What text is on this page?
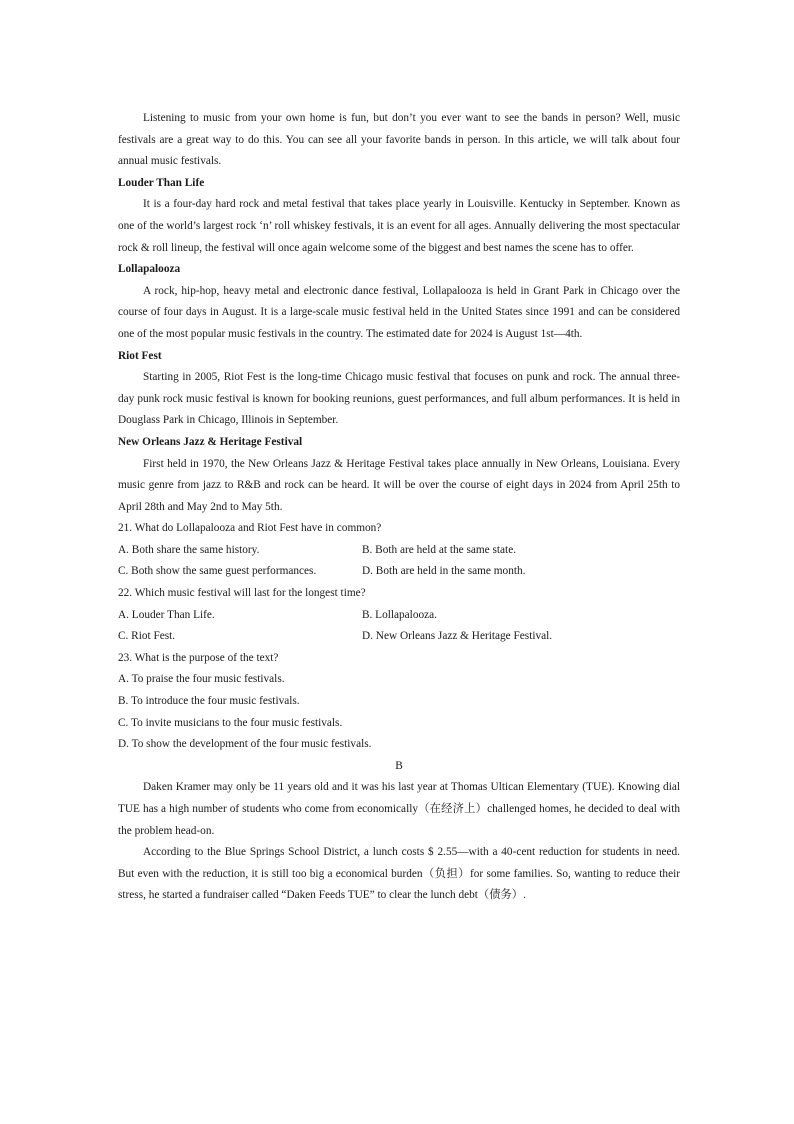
Listening to music from your own home is fun, but don’t you ever want to see the bands in person? Well, music festivals are a great way to do this. You can see all your favorite bands in person. In this article, we will talk about four annual music festivals.

Louder Than Life

It is a four-day hard rock and metal festival that takes place yearly in Louisville. Kentucky in September. Known as one of the world’s largest rock ‘n’ roll whiskey festivals, it is an event for all ages. Annually delivering the most spectacular rock & roll lineup, the festival will once again welcome some of the biggest and best names the scene has to offer.

Lollapalooza

A rock, hip-hop, heavy metal and electronic dance festival, Lollapalooza is held in Grant Park in Chicago over the course of four days in August. It is a large-scale music festival held in the United States since 1991 and can be considered one of the most popular music festivals in the country. The estimated date for 2024 is August 1st—4th.

Riot Fest

Starting in 2005, Riot Fest is the long-time Chicago music festival that focuses on punk and rock. The annual three-day punk rock music festival is known for booking reunions, guest performances, and full album performances. It is held in Douglass Park in Chicago, Illinois in September.

New Orleans Jazz & Heritage Festival

First held in 1970, the New Orleans Jazz & Heritage Festival takes place annually in New Orleans, Louisiana. Every music genre from jazz to R&B and rock can be heard. It will be over the course of eight days in 2024 from April 25th to April 28th and May 2nd to May 5th.

21. What do Lollapalooza and Riot Fest have in common?

A. Both share the same history.	B. Both are held at the same state.
C. Both show the same guest performances.	D. Both are held in the same month.

22. Which music festival will last for the longest time?

A. Louder Than Life.	B. Lollapalooza.
C. Riot Fest.	D. New Orleans Jazz & Heritage Festival.

23. What is the purpose of the text?

A. To praise the four music festivals.

B. To introduce the four music festivals.

C. To invite musicians to the four music festivals.

D. To show the development of the four music festivals.

B

Daken Kramer may only be 11 years old and it was his last year at Thomas Ultican Elementary (TUE). Knowing dial TUE has a high number of students who come from economically（在经济上）challenged homes, he decided to deal with the problem head-on.

According to the Blue Springs School District, a lunch costs $ 2.55—with a 40-cent reduction for students in need. But even with the reduction, it is still too big a economical burden（负担）for some families. So, wanting to reduce their stress, he started a fundraiser called “Daken Feeds TUE” to clear the lunch debt（债务）.
